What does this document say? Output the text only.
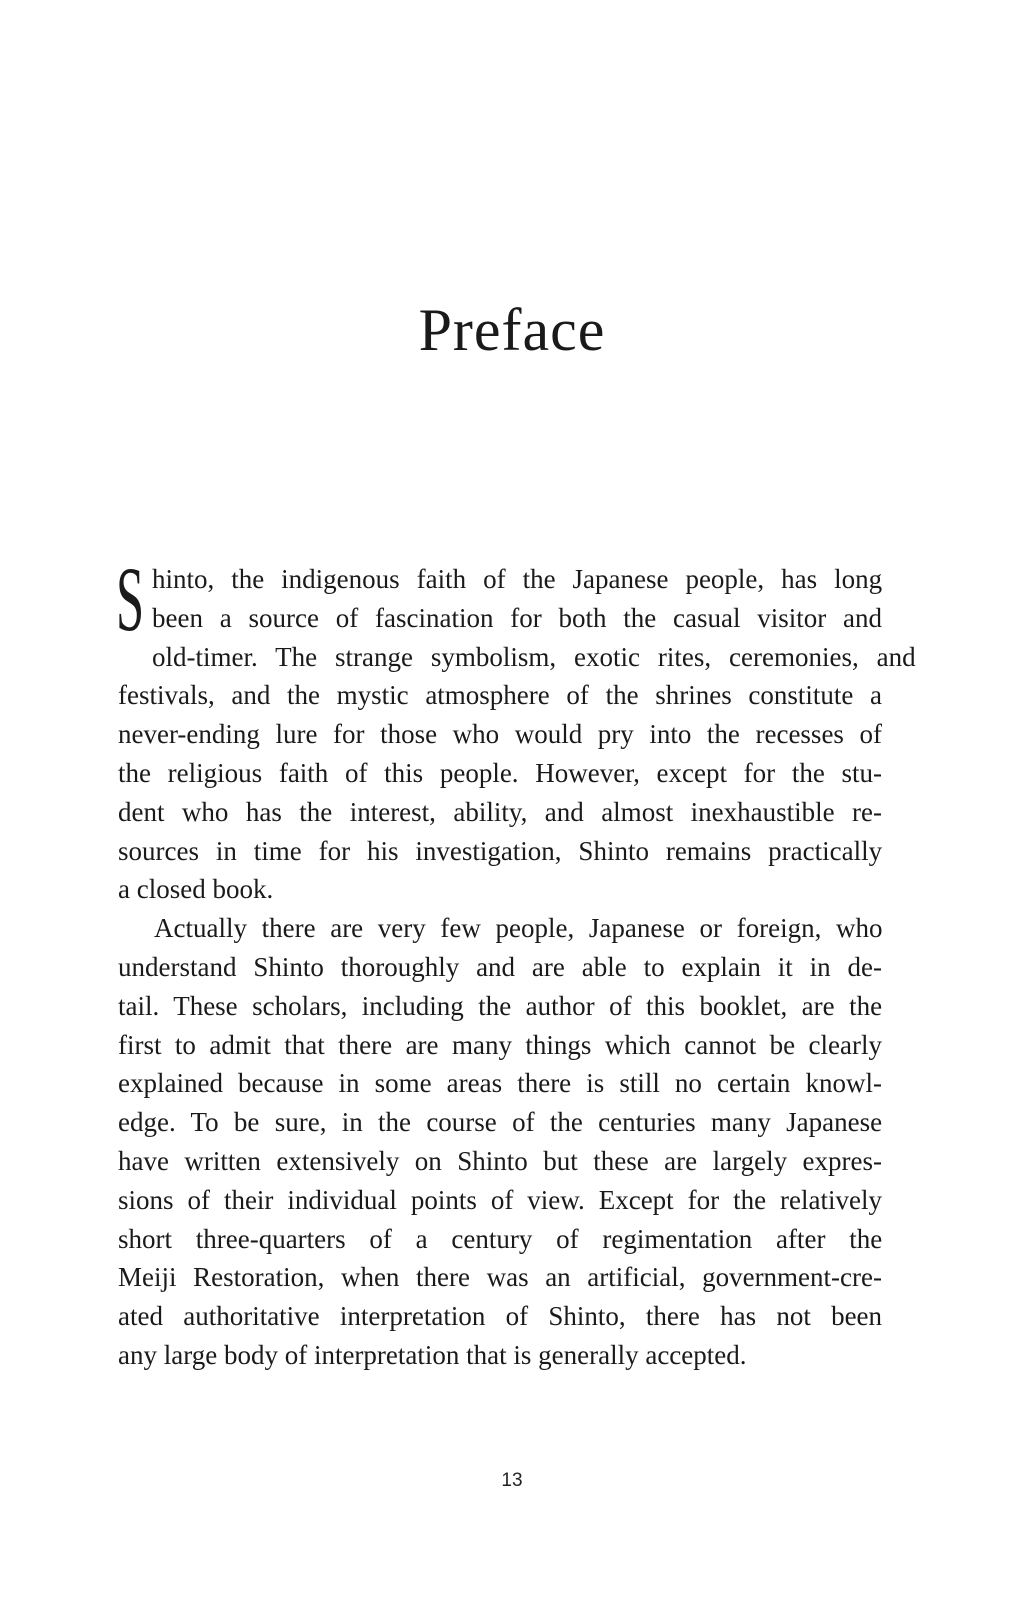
Preface

S hinto, the indigenous faith of the Japanese people, has long
been a source of fascination for both the casual visitor and
old-timer. The strange symbolism, exotic rites, ceremonies, and
festivals, and the mystic atmosphere of the shrines constitute a
never-ending lure for those who would pry into the recesses of
the religious faith of this people. However, except for the stu-
dent who has the interest, ability, and almost inexhaustible re-
sources in time for his investigation, Shinto remains practically
a closed book.

Actually there are very few people, Japanese or foreign, who
understand Shinto thoroughly and are able to explain it in de-
tail. These scholars, including the author of this booklet, are the
first to admit that there are many things which cannot be clearly
explained because in some areas there is still no certain knowl-
edge. To be sure, in the course of the centuries many Japanese
have written extensively on Shinto but these are largely expres-
sions of their individual points of view. Except for the relatively
short three-quarters of a century of regimentation after the
Meiji Restoration, when there was an artificial, government-cre-
ated authoritative interpretation of Shinto, there has not been
any large body of interpretation that is generally accepted.

13
